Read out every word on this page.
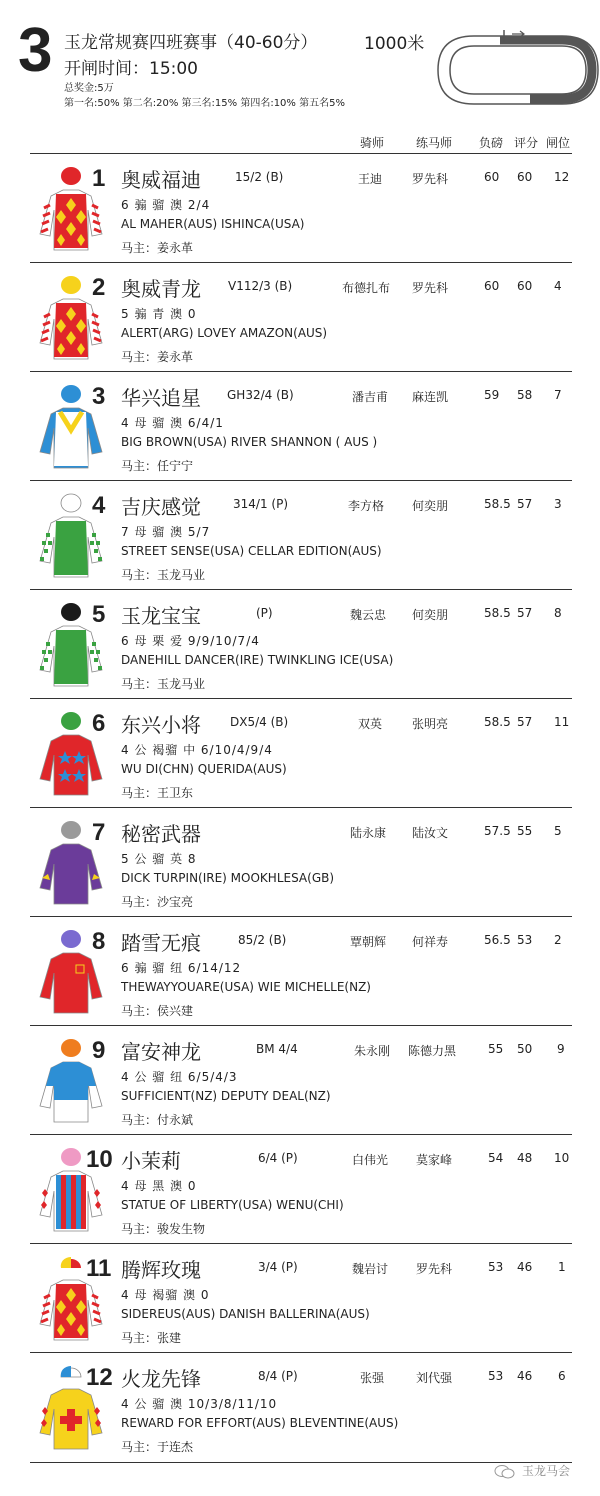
3 玉龙常规赛四班赛事（40-60分）	1000米
开闸时间：15:00
总奖金:5万
第一名:50% 第二名:20% 第三名:15% 第四名:10% 第五名5%
骑师	练马师 负磅 评分 闸位
1 奥威福迪	15/2 (B)	王迪 罗先科	60 60 12
6 骟 骝 澳 2/4
AL MAHER(AUS) ISHINCA(USA)
马主：姜永革
2 奥威青龙 V112/3 (B)	布德扎布 罗先科	60 60 4
5 骟 青 澳 0
ALERT(ARG) LOVEY AMAZON(AUS)
马主：姜永革
3 华兴追星 GH32/4 (B)	潘吉甫 麻连凯	59 58 7
4 母 骝 澳 6/4/1
BIG BROWN(USA) RIVER SHANNON ( AUS )
马主：任宁宁
4 吉庆感觉	314/1 (P)	李方格 何奕朋	58.5 57 3
7 母 骝 澳 5/7
STREET SENSE(USA) CELLAR EDITION(AUS)
马主：玉龙马业
5 玉龙宝宝	(P)	魏云忠 何奕朋	58.5 57 8
6 母 栗 爱 9/9/10/7/4
DANEHILL DANCER(IRE) TWINKLING ICE(USA)
马主：玉龙马业
6 东兴小将 DX5/4 (B)	双英 张明亮	58.5 57 11
4 公 褐骝 中 6/10/4/9/4
WU DI(CHN) QUERIDA(AUS)
马主：王卫东
7 秘密武器	陆永康 陆汝文	57.5 55 5
5 公 骝 英 8
DICK TURPIN(IRE) MOOKHLESA(GB)
马主：沙宝亮
8 踏雪无痕	85/2 (B)	覃朝辉 何祥寿	56.5 53 2
6 骟 骝 纽 6/14/12
THEWAYYOUARE(USA) WIE MICHELLE(NZ)
马主：侯兴建
9 富安神龙	BM 4/4	朱永刚 陈德力黑	55 50 9
4 公 骝 纽 6/5/4/3
SUFFICIENT(NZ) DEPUTY DEAL(NZ)
马主：付永斌
10 小茉莉	6/4 (P)	白伟光 莫家峰	54 48 10
4 母 黑 澳 0
STATUE OF LIBERTY(USA) WENU(CHI)
马主：骏发生物
11 腾辉玫瑰	3/4 (P)	魏岩讨 罗先科	53 46 1
4 母 褐骝 澳 0
SIDEREUS(AUS) DANISH BALLERINA(AUS)
马主：张建
12 火龙先锋	8/4 (P)	张强	刘代强	53 46 6
4 公 骝 澳 10/3/8/11/10
REWARD FOR EFFORT(AUS) BLEVENTINE(AUS)
马主：于连杰
玉龙马会
